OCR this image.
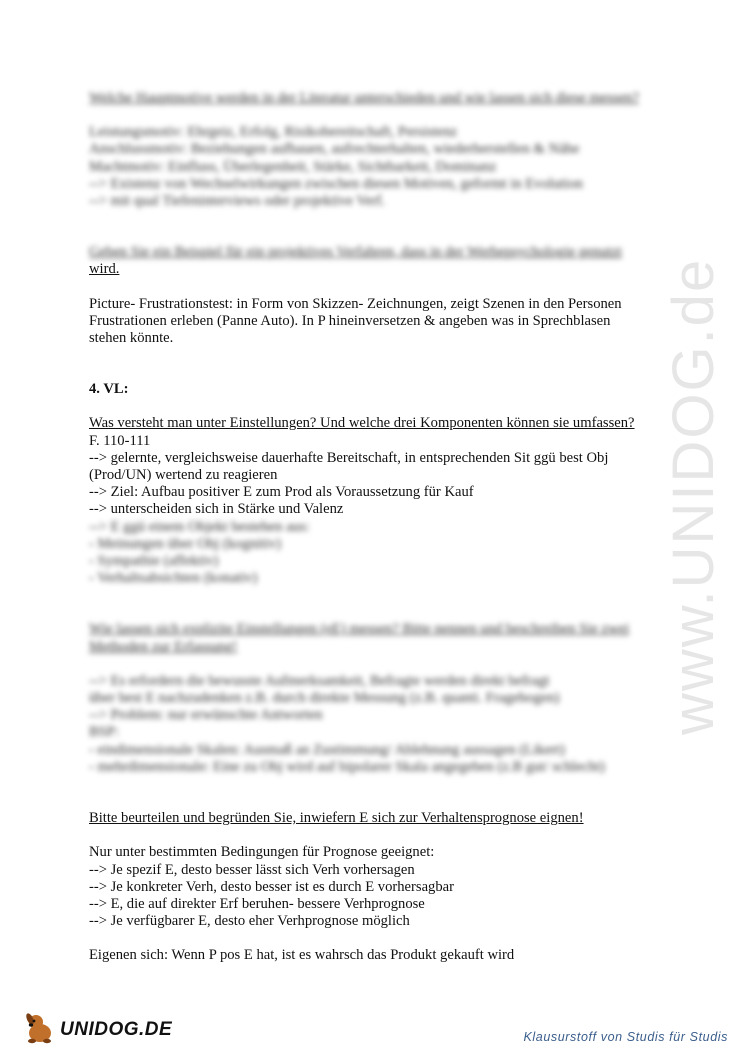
www.UNIDOG.de
Welche Hauptmotive werden in der Literatur unterschieden und wie lassen sich diese messen?
Leistungsmotiv: Ehrgeiz, Erfolg, Risikobereitschaft, Persistenz
Anschlussmotiv: Beziehungen aufbauen, aufrechterhalten, wiederherstellen & Nähe
Machtmotiv: Einfluss, Überlegenheit, Stärke, Sichtbarkeit, Dominanz
--> Existenz von Wechselwirkungen zwischen diesen Motiven, geformt in Evolution
--> mit qual Tiefeninterviews oder projektive Verf.
Geben Sie ein Beispiel für ein projektives Verfahren, dass in der Werbepsychologie genutzt
wird.
Picture- Frustrationstest: in Form von Skizzen- Zeichnungen, zeigt Szenen in den Personen
Frustrationen erleben (Panne Auto). In P hineinversetzen & angeben was in Sprechblasen
stehen könnte.
4. VL:
Was versteht man unter Einstellungen? Und welche drei Komponenten können sie umfassen?
F. 110-111
--> gelernte, vergleichsweise dauerhafte Bereitschaft, in entsprechenden Sit ggü best Obj
(Prod/UN) wertend zu reagieren
--> Ziel: Aufbau positiver E zum Prod als Voraussetzung für Kauf
--> unterscheiden sich in Stärke und Valenz
--> E ggü einem Objekt bestehen aus:
- Meinungen über Obj (kognitiv)
- Sympathie (affektiv)
- Verhaltsabsichten (konativ)
Wie lassen sich explizite Einstellungen (eE) messen? Bitte nennen und beschreiben Sie zwei
Methoden zur Erfassung!
--> Es erfordern die bewusste Aufmerksamkeit, Befragte werden direkt befragt
über best E nachzudenken z.B. durch direkte Messung (z.B. quanti. Fragebogen)
--> Problem: nur erwünschte Antworten
BSP:
- eindimensionale Skalen: Ausmaß an Zustimmung/ Ablehnung aussagen (Likert)
- mehrdimensionale: Eine zu Obj wird auf bipolarer Skala angegeben (z.B gut/ schlecht)
Bitte beurteilen und begründen Sie, inwiefern E sich zur Verhaltensprognose eignen!
Nur unter bestimmten Bedingungen für Prognose geeignet:
--> Je spezif E, desto besser lässt sich Verh vorhersagen
--> Je konkreter Verh, desto besser ist es durch E vorhersagbar
--> E, die auf direkter Erf beruhen- bessere Verhprognose
--> Je verfügbarer E, desto eher Verhprognose möglich
Eigenen sich: Wenn P pos E hat, ist es wahrsch das Produkt gekauft wird
UNIDOG.DE	Klausurstoff von Studis für Studis
